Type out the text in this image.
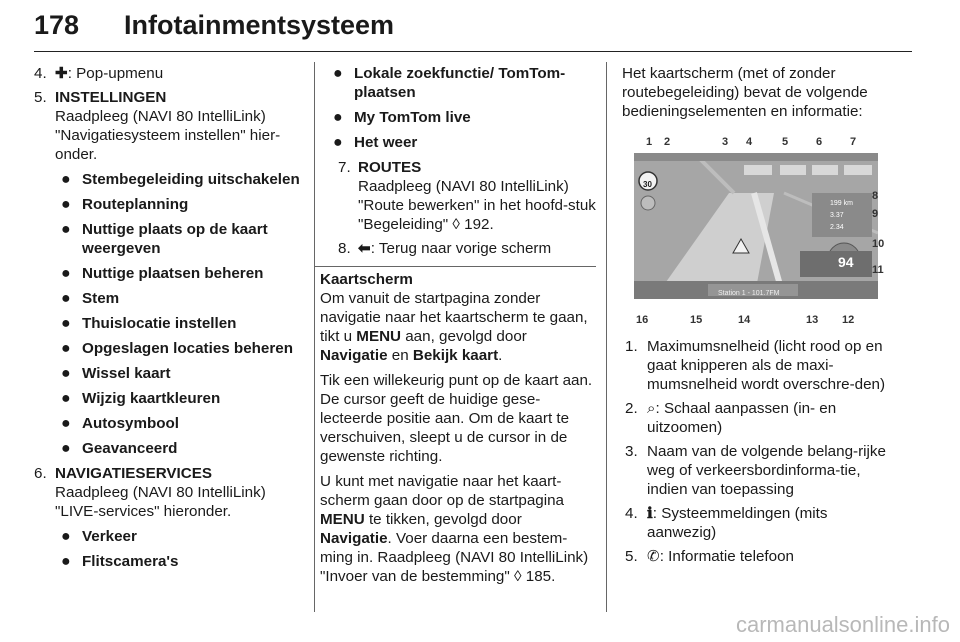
178 Infotainmentsysteem
4. ✚: Pop-upmenu
5. INSTELLINGEN
Raadpleeg (NAVI 80 IntelliLink) "Navigatiesysteem instellen" hier-onder.
● Stembegeleiding uitschakelen
● Routeplanning
● Nuttige plaats op de kaart weergeven
● Nuttige plaatsen beheren
● Stem
● Thuislocatie instellen
● Opgeslagen locaties beheren
● Wissel kaart
● Wijzig kaartkleuren
● Autosymbool
● Geavanceerd
6. NAVIGATIESERVICES
Raadpleeg (NAVI 80 IntelliLink) "LIVE-services" hieronder.
● Verkeer
● Flitscamera's
● Lokale zoekfunctie/ TomTom-plaatsen
● My TomTom live
● Het weer
7. ROUTES
Raadpleeg (NAVI 80 IntelliLink) "Route bewerken" in het hoofd-stuk "Begeleiding" ◊ 192.
8. ⬅: Terug naar vorige scherm
Kaartscherm
Om vanuit de startpagina zonder navigatie naar het kaartscherm te gaan, tikt u MENU aan, gevolgd door Navigatie en Bekijk kaart.
Tik een willekeurig punt op de kaart aan. De cursor geeft de huidige gese-lecteerde positie aan. Om de kaart te verschuiven, sleept u de cursor in de gewenste richting.
U kunt met navigatie naar het kaart-scherm gaan door op de startpagina MENU te tikken, gevolgd door Navigatie. Voer daarna een bestem-ming in. Raadpleeg (NAVI 80 IntelliLink) "Invoer van de bestemming" ◊ 185.
Het kaartscherm (met of zonder routebegeleiding) bevat de volgende bedieningselementen en informatie:
1 2	3 4	5	6	7
30
199 km
3.37
2.34
94
Station 1 - 101.7FM
8
9
10
11
16	15	14	13 12
1. Maximumsnelheid (licht rood op en gaat knipperen als de maxi-mumsnelheid wordt overschre-den)
2. ⌕: Schaal aanpassen (in- en uitzoomen)
3. Naam van de volgende belang-rijke weg of verkeersbordinforma-tie, indien van toepassing
4. ℹ: Systeemmeldingen (mits aanwezig)
5. ✆: Informatie telefoon
carmanualsonline.info
